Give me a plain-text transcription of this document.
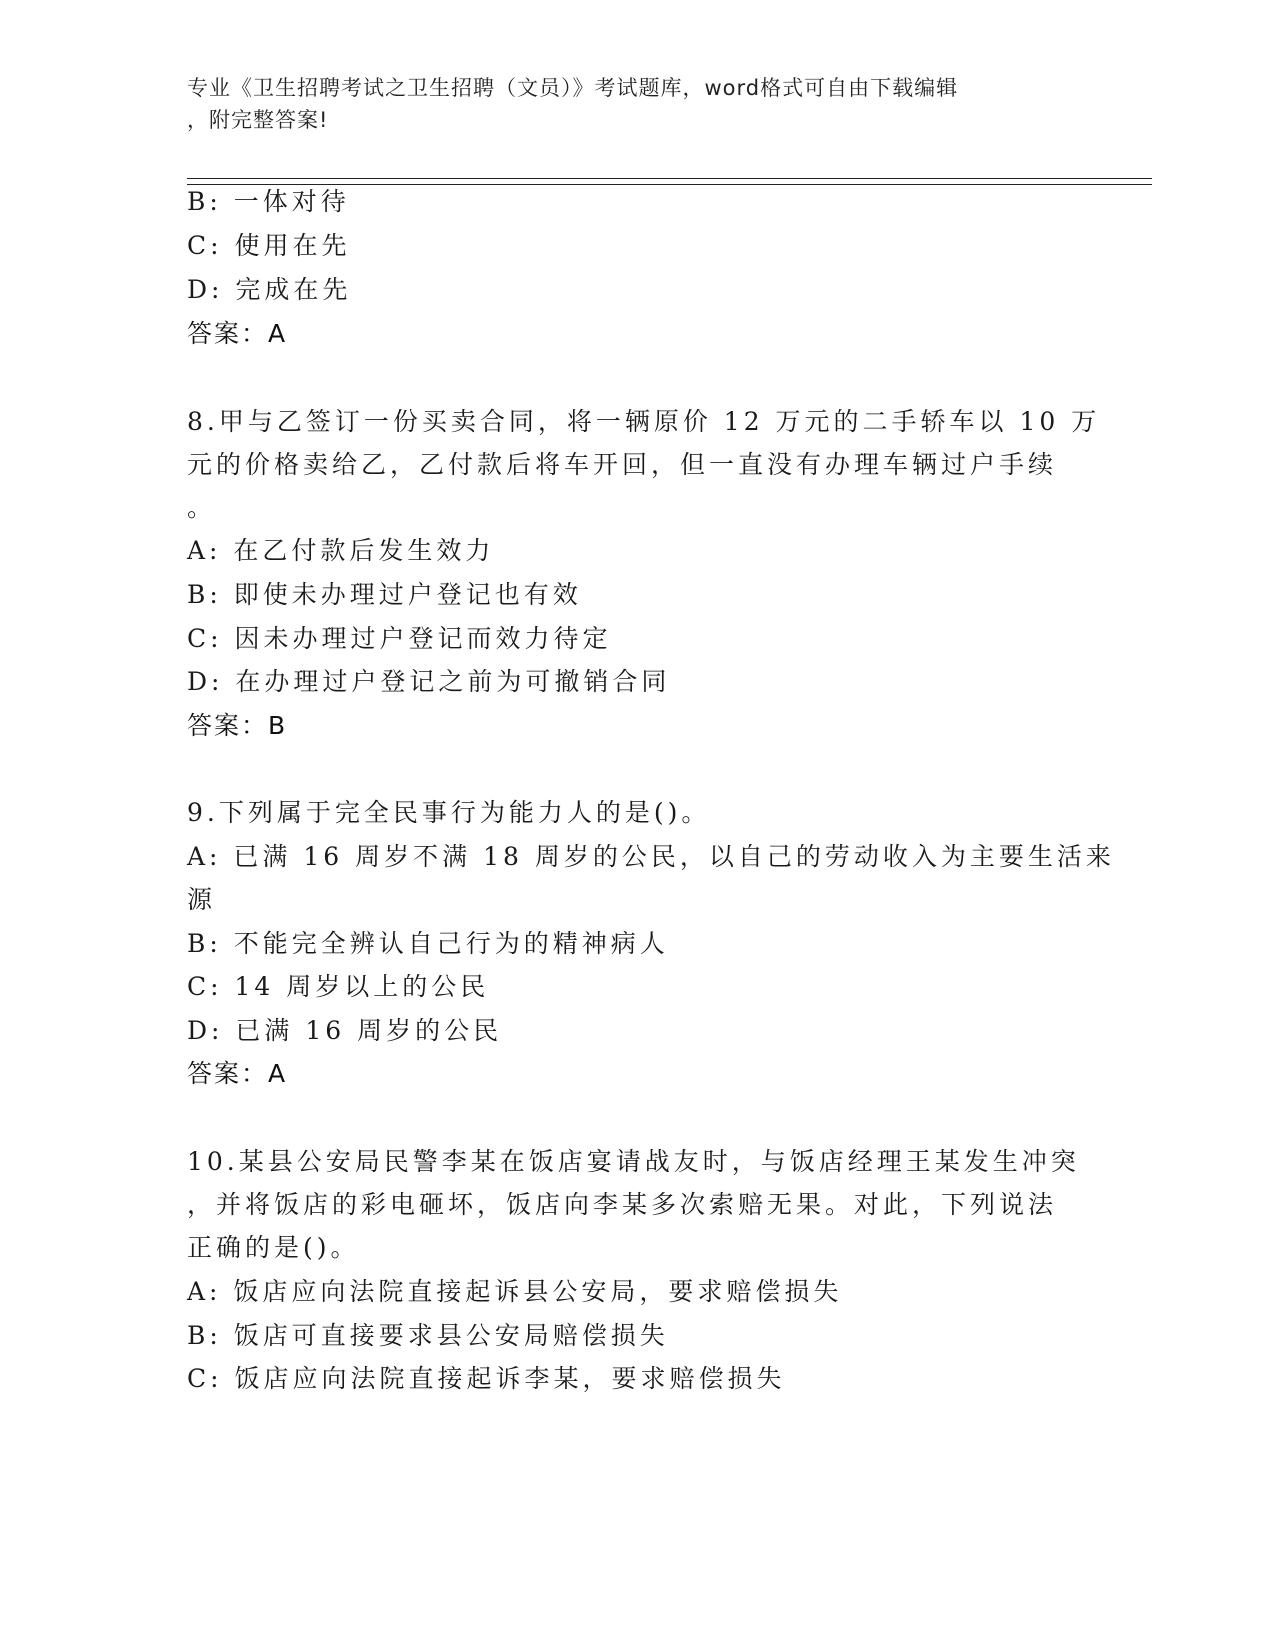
专业《卫生招聘考试之卫生招聘（文员）》考试题库，word格式可自由下载编辑
，附完整答案!
B: 一体对待
C: 使用在先
D: 完成在先
答案：A
8.甲与乙签订一份买卖合同，将一辆原价 12 万元的二手轿车以 10 万
元的价格卖给乙，乙付款后将车开回，但一直没有办理车辆过户手续
。
A: 在乙付款后发生效力
B: 即使未办理过户登记也有效
C: 因未办理过户登记而效力待定
D: 在办理过户登记之前为可撤销合同
答案：B
9.下列属于完全民事行为能力人的是()。
A: 已满 16 周岁不满 18 周岁的公民，以自己的劳动收入为主要生活来
源
B: 不能完全辨认自己行为的精神病人
C: 14 周岁以上的公民
D: 已满 16 周岁的公民
答案：A
10.某县公安局民警李某在饭店宴请战友时，与饭店经理王某发生冲突
，并将饭店的彩电砸坏，饭店向李某多次索赔无果。对此，下列说法
正确的是()。
A: 饭店应向法院直接起诉县公安局，要求赔偿损失
B: 饭店可直接要求县公安局赔偿损失
C: 饭店应向法院直接起诉李某，要求赔偿损失
